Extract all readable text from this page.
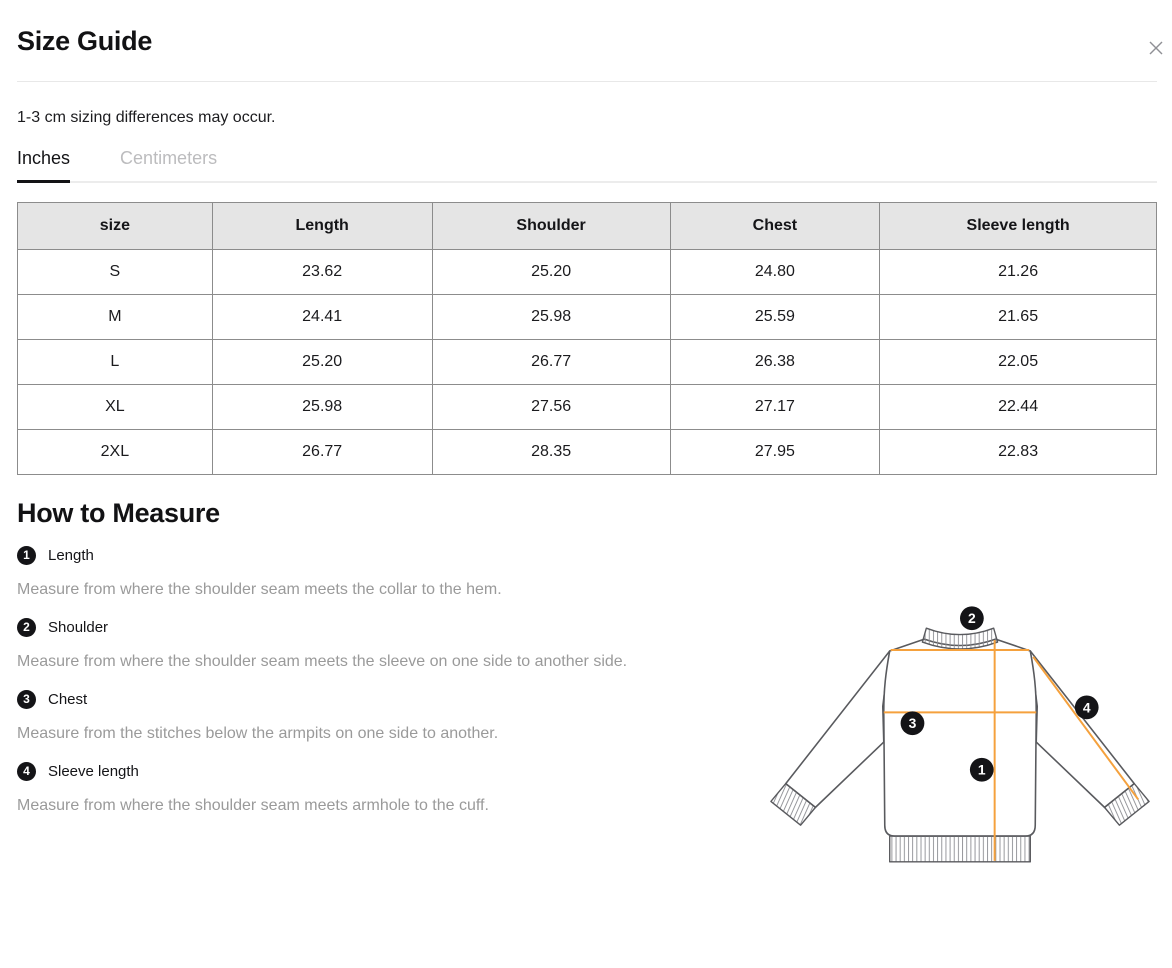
Size Guide

1-3 cm sizing differences may occur.

Inches	Centimeters
size	Length	Shoulder	Chest	Sleeve length
S	23.62	25.20	24.80	21.26
M	24.41	25.98	25.59	21.65
L	25.20	26.77	26.38	22.05
XL	25.98	27.56	27.17	22.44
2XL	26.77	28.35	27.95	22.83
How to Measure
1	Length

Measure from where the shoulder seam meets the collar to the hem.

2	Shoulder

Measure from where the shoulder seam meets the sleeve on one side to another side.

3	Chest

Measure from the stitches below the armpits on one side to another.

4	Sleeve length

Measure from where the shoulder seam meets armhole to the cuff.

2
3
1
4
